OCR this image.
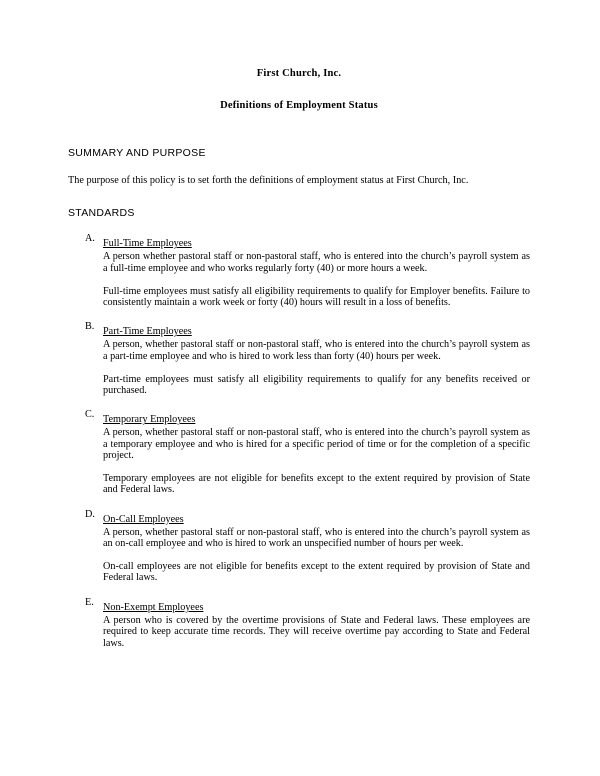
First Church, Inc.
Definitions of Employment Status
SUMMARY AND PURPOSE

The purpose of this policy is to set forth the definitions of employment status at First Church, Inc.

STANDARDS
A. Full-Time Employees

A person whether pastoral staff or non-pastoral staff, who is entered into the church’s payroll system as a full-time employee and who works regularly forty (40) or more hours a week.

Full-time employees must satisfy all eligibility requirements to qualify for Employer benefits. Failure to consistently maintain a work week or forty (40) hours will result in a loss of benefits.

B. Part-Time Employees

A person, whether pastoral staff or non-pastoral staff, who is entered into the church’s payroll system as a part-time employee and who is hired to work less than forty (40) hours per week.

Part-time employees must satisfy all eligibility requirements to qualify for any benefits received or purchased.

C. Temporary Employees

A person, whether pastoral staff or non-pastoral staff, who is entered into the church’s payroll system as a temporary employee and who is hired for a specific period of time or for the completion of a specific project.

Temporary employees are not eligible for benefits except to the extent required by provision of State and Federal laws.

D. On-Call Employees

A person, whether pastoral staff or non-pastoral staff, who is entered into the church’s payroll system as an on-call employee and who is hired to work an unspecified number of hours per week.

On-call employees are not eligible for benefits except to the extent required by provision of State and Federal laws.

E. Non-Exempt Employees

A person who is covered by the overtime provisions of State and Federal laws. These employees are required to keep accurate time records. They will receive overtime pay according to State and Federal laws.
